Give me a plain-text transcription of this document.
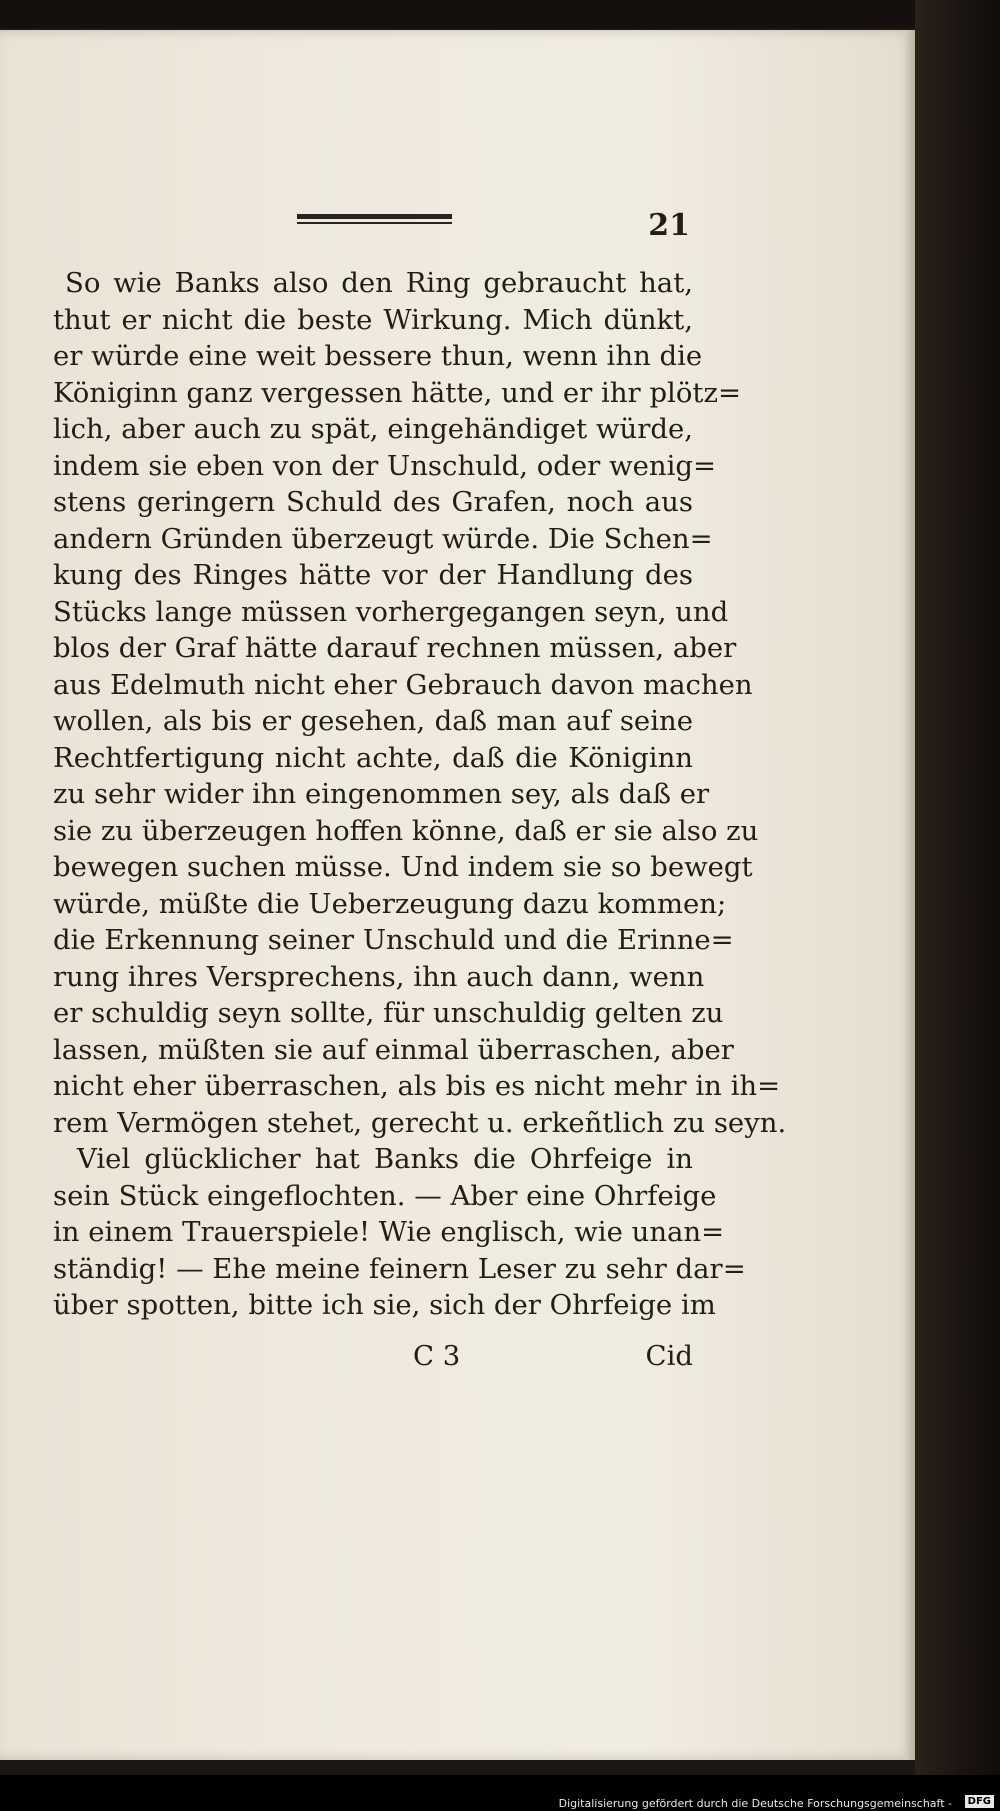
21
So wie Banks also den Ring gebraucht hat,
thut er nicht die beste Wirkung. Mich dünkt,
er würde eine weit bessere thun, wenn ihn die
Königinn ganz vergessen hätte, und er ihr plötz=
lich, aber auch zu spät, eingehändiget würde,
indem sie eben von der Unschuld, oder wenig=
stens geringern Schuld des Grafen, noch aus
andern Gründen überzeugt würde. Die Schen=
kung des Ringes hätte vor der Handlung des
Stücks lange müssen vorhergegangen seyn, und
blos der Graf hätte darauf rechnen müssen, aber
aus Edelmuth nicht eher Gebrauch davon machen
wollen, als bis er gesehen, daß man auf seine
Rechtfertigung nicht achte, daß die Königinn
zu sehr wider ihn eingenommen sey, als daß er
sie zu überzeugen hoffen könne, daß er sie also zu
bewegen suchen müsse. Und indem sie so bewegt
würde, müßte die Ueberzeugung dazu kommen;
die Erkennung seiner Unschuld und die Erinne=
rung ihres Versprechens, ihn auch dann, wenn
er schuldig seyn sollte, für unschuldig gelten zu
lassen, müßten sie auf einmal überraschen, aber
nicht eher überraschen, als bis es nicht mehr in ih=
rem Vermögen stehet, gerecht u. erkeñtlich zu seyn.
Viel glücklicher hat Banks die Ohrfeige in
sein Stück eingeflochten. — Aber eine Ohrfeige
in einem Trauerspiele! Wie englisch, wie unan=
ständig! — Ehe meine feinern Leser zu sehr dar=
über spotten, bitte ich sie, sich der Ohrfeige im
C 3	Cid
Digitalisierung gefördert durch die Deutsche Forschungsgemeinschaft -	DFG
